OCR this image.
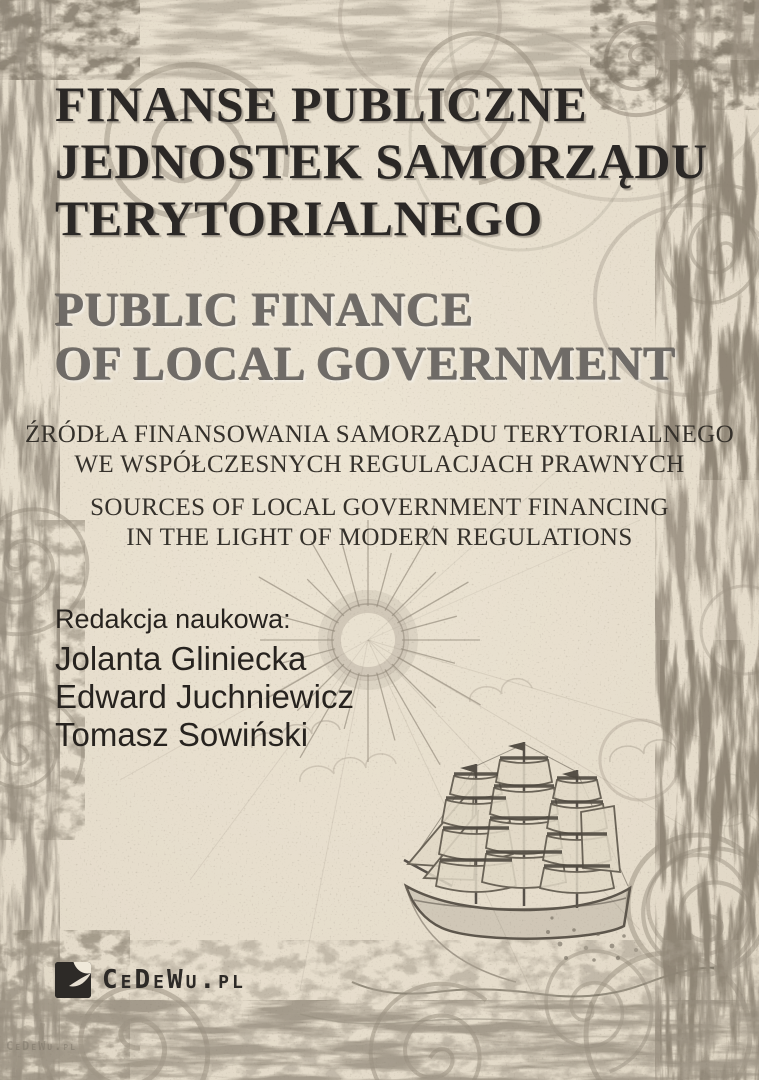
FINANSE PUBLICZNE
JEDNOSTEK SAMORZĄDU
TERYTORIALNEGO
PUBLIC FINANCE
OF LOCAL GOVERNMENT
ŹRÓDŁA FINANSOWANIA SAMORZĄDU TERYTORIALNEGO
WE WSPÓŁCZESNYCH REGULACJACH PRAWNYCH
SOURCES OF LOCAL GOVERNMENT FINANCING
IN THE LIGHT OF MODERN REGULATIONS
Redakcja naukowa:
Jolanta Gliniecka
Edward Juchniewicz
Tomasz Sowiński
CeDeWu.pl
CeDeWu.pl
